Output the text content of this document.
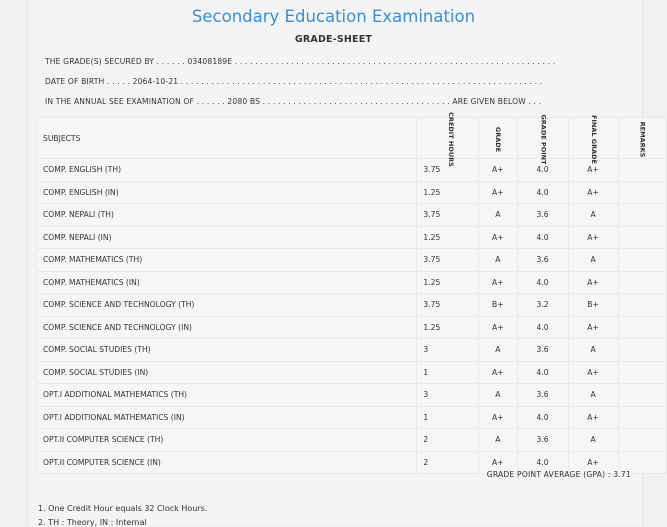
Secondary Education Examination
GRADE-SHEET
THE GRADE(S) SECURED BY . . . . . . 03408189E . . . . . . . . . . . . . . . . . . . . . . . . . . . . . . . . . . . . . . . . . . . . . . . . . . . . . . . . . . . . . . .
DATE OF BIRTH . . . . . 2064-10-21 . . . . . . . . . . . . . . . . . . . . . . . . . . . . . . . . . . . . . . . . . . . . . . . . . . . . . . . . . . . . . . . . . . . . . . .
IN THE ANNUAL SEE EXAMINATION OF . . . . . . 2080 BS . . . . . . . . . . . . . . . . . . . . . . . . . . . . . . . . . . . . . ARE GIVEN BELOW . . .
SUBJECTS	CREDIT HOURS	GRADE	GRADE POINT	FINAL GRADE	REMARKS
COMP. ENGLISH (TH)	3.75	A+	4.0	A+	
COMP. ENGLISH (IN)	1.25	A+	4.0	A+	
COMP. NEPALI (TH)	3.75	A	3.6	A	
COMP. NEPALI (IN)	1.25	A+	4.0	A+	
COMP. MATHEMATICS (TH)	3.75	A	3.6	A	
COMP. MATHEMATICS (IN)	1.25	A+	4.0	A+	
COMP. SCIENCE AND TECHNOLOGY (TH)	3.75	B+	3.2	B+	
COMP. SCIENCE AND TECHNOLOGY (IN)	1.25	A+	4.0	A+	
COMP. SOCIAL STUDIES (TH)	3	A	3.6	A	
COMP. SOCIAL STUDIES (IN)	1	A+	4.0	A+	
OPT.I ADDITIONAL MATHEMATICS (TH)	3	A	3.6	A	
OPT.I ADDITIONAL MATHEMATICS (IN)	1	A+	4.0	A+	
OPT.II COMPUTER SCIENCE (TH)	2	A	3.6	A	
OPT.II COMPUTER SCIENCE (IN)	2	A+	4.0	A+	
GRADE POINT AVERAGE (GPA) : 3.71
1. One Credit Hour equals 32 Clock Hours.
2. TH : Theory, IN : Internal
